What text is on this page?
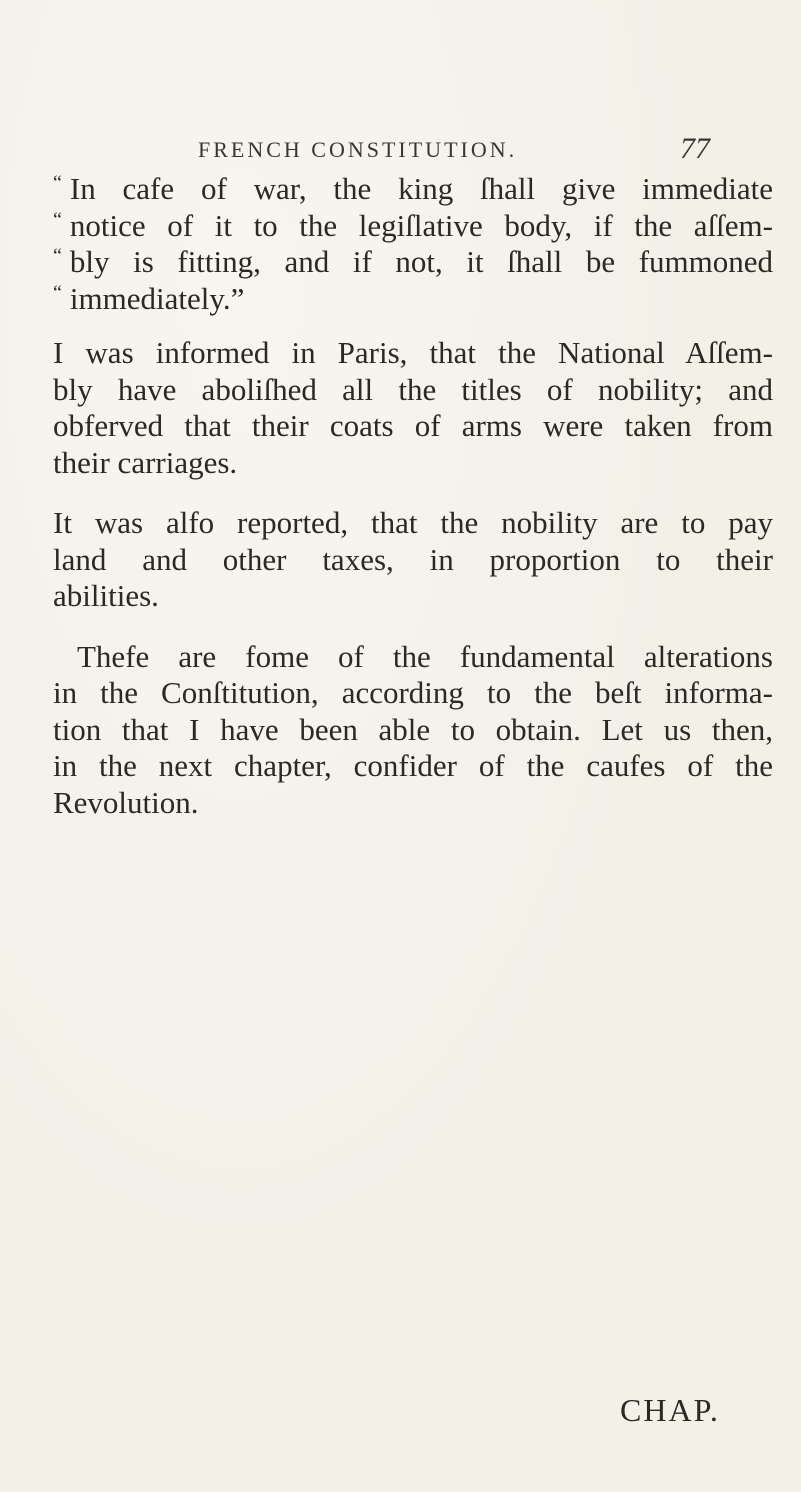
FRENCH CONSTITUTION.	77
“ In cafe of war, the king ſhall give immediate
“ notice of it to the legiſlative body, if the aſſem-
“ bly is fitting, and if not, it ſhall be fummoned
“ immediately.”
I was informed in Paris, that the National Aſſem-
bly have aboliſhed all the titles of nobility; and
obferved that their coats of arms were taken from
their carriages.
It was alfo reported, that the nobility are to pay
land and other taxes, in proportion to their
abilities.
Thefe are fome of the fundamental alterations
in the Conſtitution, according to the beſt informa-
tion that I have been able to obtain. Let us then,
in the next chapter, confider of the caufes of the
Revolution.
CHAP.
